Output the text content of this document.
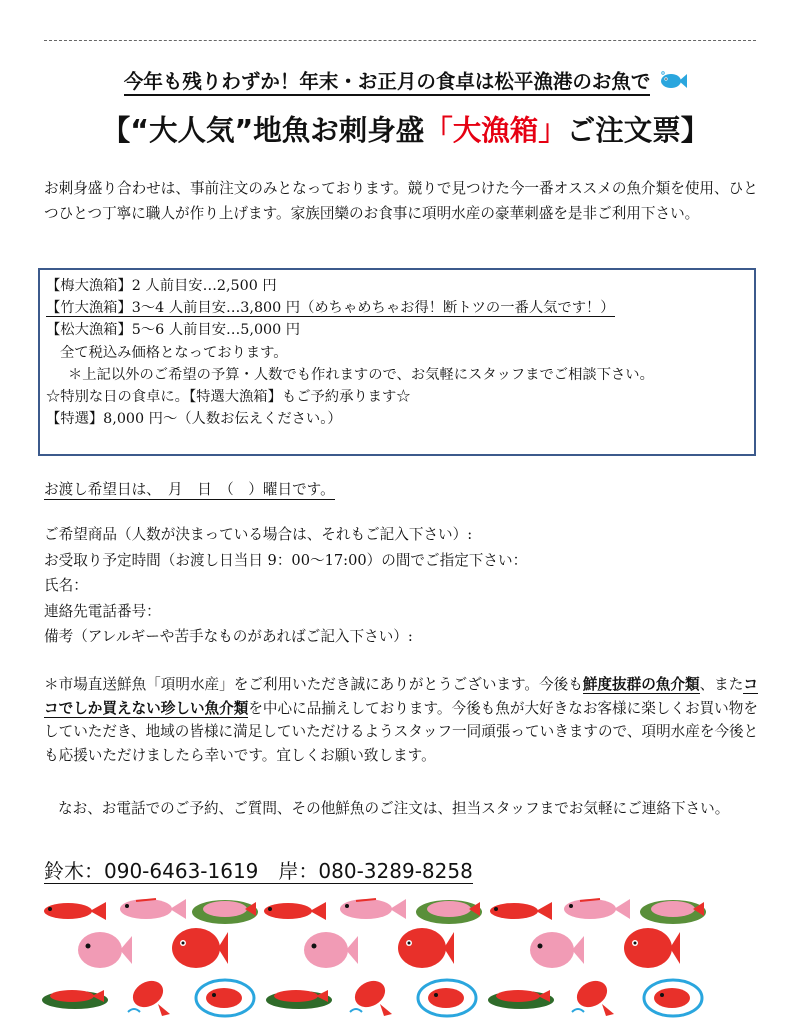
今年も残りわずか！年末・お正月の食卓は松平漁港のお魚で
【“大人気”地魚お刺身盛「大漁箱」ご注文票】
お刺身盛り合わせは、事前注文のみとなっております。競りで見つけた今一番オススメの魚介類を使用、ひとつひとつ丁寧に職人が作り上げます。家族団欒のお食事に項明水産の豪華刺盛を是非ご利用下さい。
【梅大漁箱】2 人前目安…2,500 円
【竹大漁箱】3～4 人前目安…3,800 円（めちゃめちゃお得！断トツの一番人気です！）
【松大漁箱】5～6 人前目安…5,000 円
全て税込み価格となっております。
＊上記以外のご希望の予算・人数でも作れますので、お気軽にスタッフまでご相談下さい。
☆特別な日の食卓に。【特選大漁箱】もご予約承ります☆
【特選】8,000 円～（人数お伝えください。）
お渡し希望日は、　月　日　（　）曜日です。
ご希望商品（人数が決まっている場合は、それもご記入下さい）:
お受取り予定時間（お渡し日当日 9：00～17:00）の間でご指定下さい：
氏名：
連絡先電話番号：
備考（アレルギーや苦手なものがあればご記入下さい）:
＊市場直送鮮魚「項明水産」をご利用いただき誠にありがとうございます。今後も鮮度抜群の魚介類、またココでしか買えない珍しい魚介類を中心に品揃えしております。今後も魚が大好きなお客様に楽しくお買い物をしていただき、地域の皆様に満足していただけるようスタッフ一同頑張っていきますので、項明水産を今後とも応援いただけましたら幸いです。宜しくお願い致します。
なお、お電話でのご予約、ご質問、その他鮮魚のご注文は、担当スタッフまでお気軽にご連絡下さい。
鈴木：090-6463-1619　岸：080-3289-8258
